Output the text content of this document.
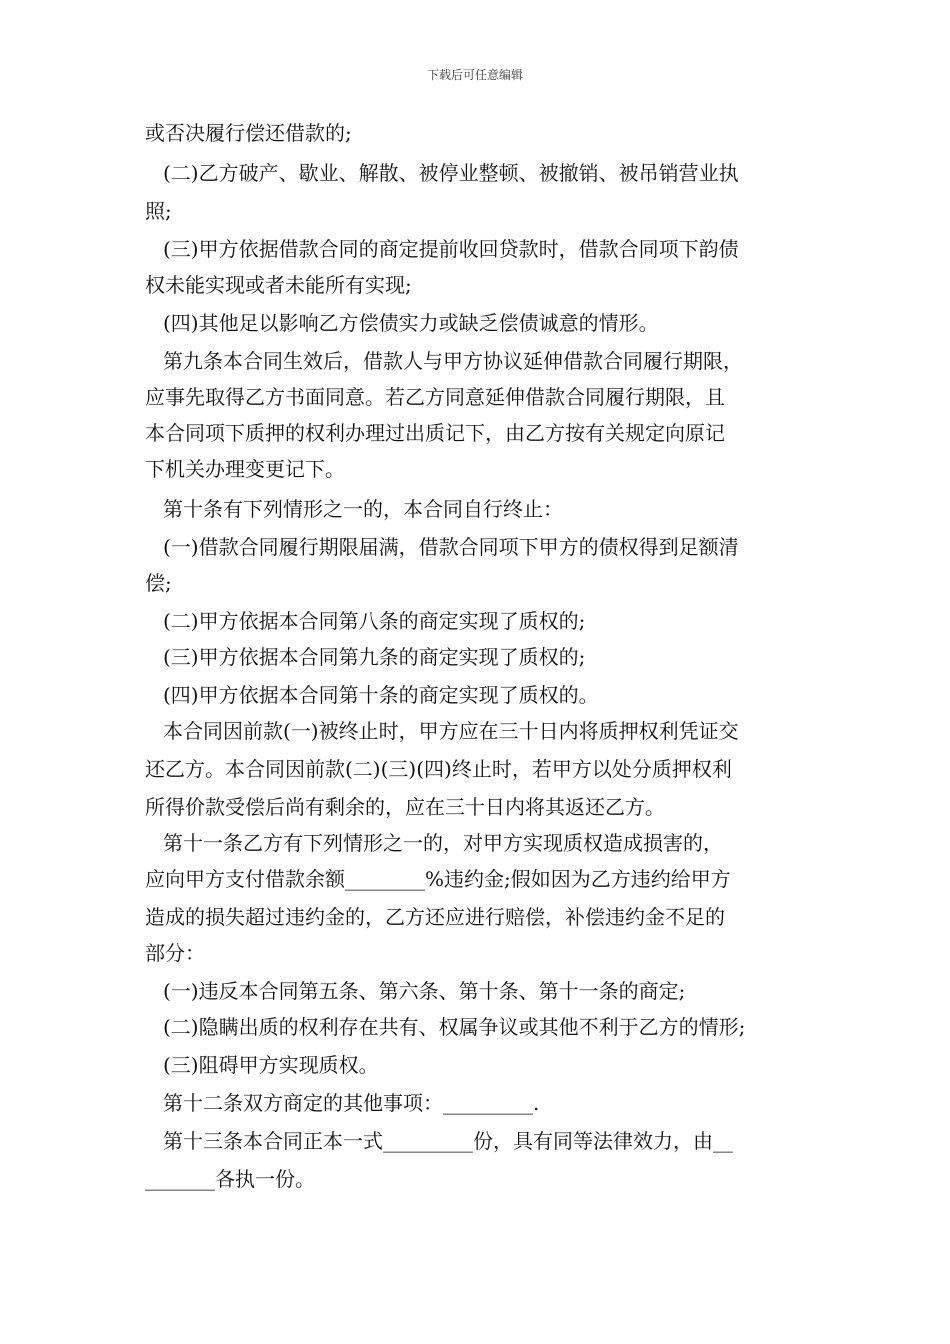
下载后可任意编辑
或否决履行偿还借款的;
(二)乙方破产、歇业、解散、被停业整顿、被撤销、被吊销营业执
照;
(三)甲方依据借款合同的商定提前收回贷款时，借款合同项下韵债
权未能实现或者未能所有实现;
(四)其他足以影响乙方偿债实力或缺乏偿债诚意的情形。
第九条本合同生效后，借款人与甲方协议延伸借款合同履行期限，
应事先取得乙方书面同意。若乙方同意延伸借款合同履行期限，且
本合同项下质押的权利办理过出质记下，由乙方按有关规定向原记
下机关办理变更记下。
第十条有下列情形之一的，本合同自行终止：
(一)借款合同履行期限届满，借款合同项下甲方的债权得到足额清
偿;
(二)甲方依据本合同第八条的商定实现了质权的;
(三)甲方依据本合同第九条的商定实现了质权的;
(四)甲方依据本合同第十条的商定实现了质权的。
本合同因前款(一)被终止时，甲方应在三十日内将质押权利凭证交
还乙方。本合同因前款(二)(三)(四)终止时，若甲方以处分质押权利
所得价款受偿后尚有剩余的，应在三十日内将其返还乙方。
第十一条乙方有下列情形之一的，对甲方实现质权造成损害的，
应向甲方支付借款余额________%违约金;假如因为乙方违约给甲方
造成的损失超过违约金的，乙方还应进行赔偿，补偿违约金不足的
部分：
(一)违反本合同第五条、第六条、第十条、第十一条的商定;
(二)隐瞒出质的权利存在共有、权属争议或其他不利于乙方的情形;
(三)阻碍甲方实现质权。
第十二条双方商定的其他事项：_________.
第十三条本合同正本一式_________份，具有同等法律效力，由__
_______各执一份。
